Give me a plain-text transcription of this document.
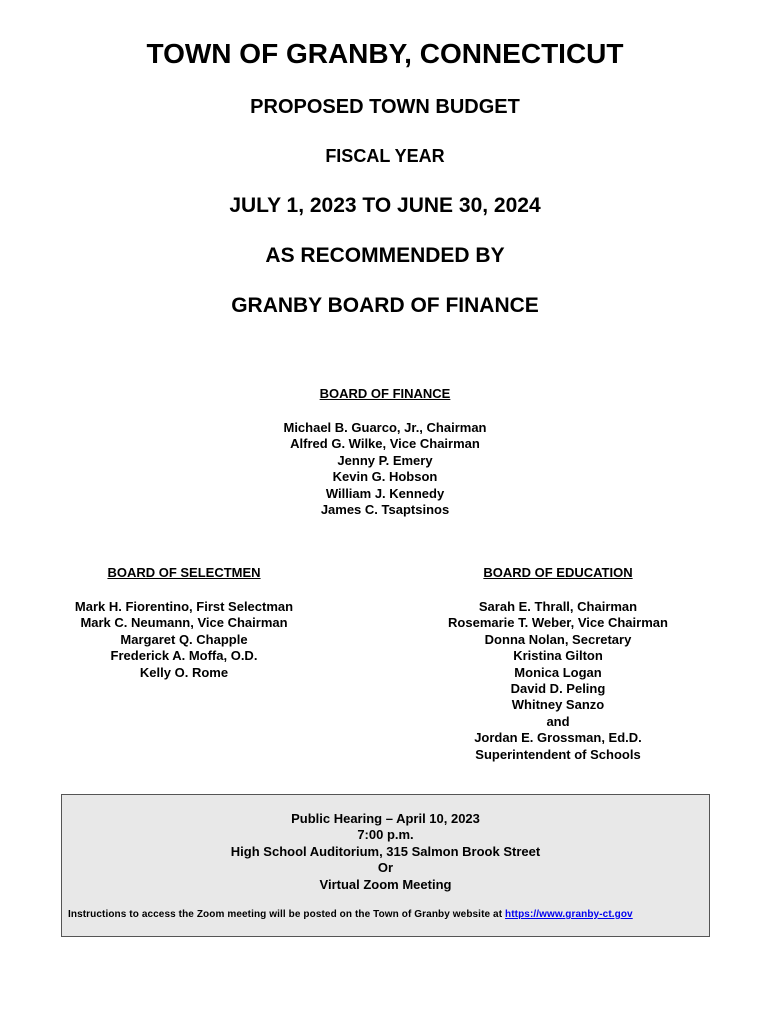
TOWN OF GRANBY, CONNECTICUT
PROPOSED TOWN BUDGET
FISCAL YEAR
JULY 1, 2023 TO JUNE 30, 2024
AS RECOMMENDED BY
GRANBY BOARD OF FINANCE
BOARD OF FINANCE
Michael B. Guarco, Jr., Chairman
Alfred G. Wilke, Vice Chairman
Jenny P. Emery
Kevin G. Hobson
William J. Kennedy
James C. Tsaptsinos
BOARD OF SELECTMEN
Mark H. Fiorentino, First Selectman
Mark C. Neumann, Vice Chairman
Margaret Q. Chapple
Frederick A. Moffa, O.D.
Kelly O. Rome
BOARD OF EDUCATION
Sarah E. Thrall, Chairman
Rosemarie T. Weber, Vice Chairman
Donna Nolan, Secretary
Kristina Gilton
Monica Logan
David D. Peling
Whitney Sanzo
and
Jordan E. Grossman, Ed.D.
Superintendent of Schools
Public Hearing – April 10, 2023
7:00 p.m.
High School Auditorium, 315 Salmon Brook Street
Or
Virtual Zoom Meeting
Instructions to access the Zoom meeting will be posted on the Town of Granby website at https://www.granby-ct.gov
